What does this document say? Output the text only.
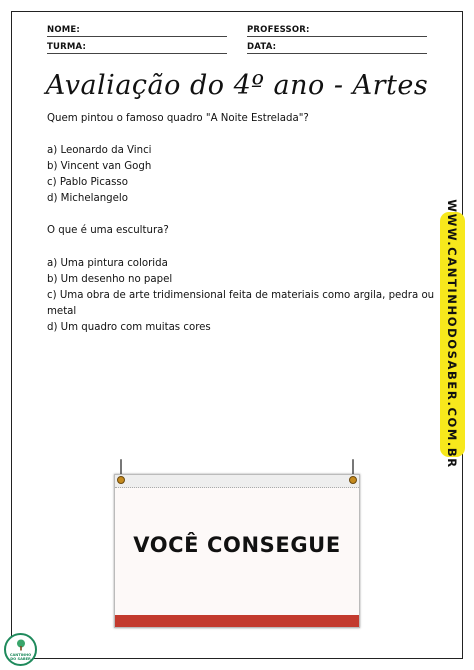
NOME:	PROFESSOR:
TURMA:	DATA:
Avaliação do 4º ano - Artes
Quem pintou o famoso quadro "A Noite Estrelada"?
a) Leonardo da Vinci
b) Vincent van Gogh
c) Pablo Picasso
d) Michelangelo
O que é uma escultura?
a) Uma pintura colorida
b) Um desenho no papel
c) Uma obra de arte tridimensional feita de materiais como argila, pedra ou
metal
d) Um quadro com muitas cores	WWW.CANTINHODOSABER.COM.BR
VOCÊ CONSEGUE
CANTINHO
DO SABER
